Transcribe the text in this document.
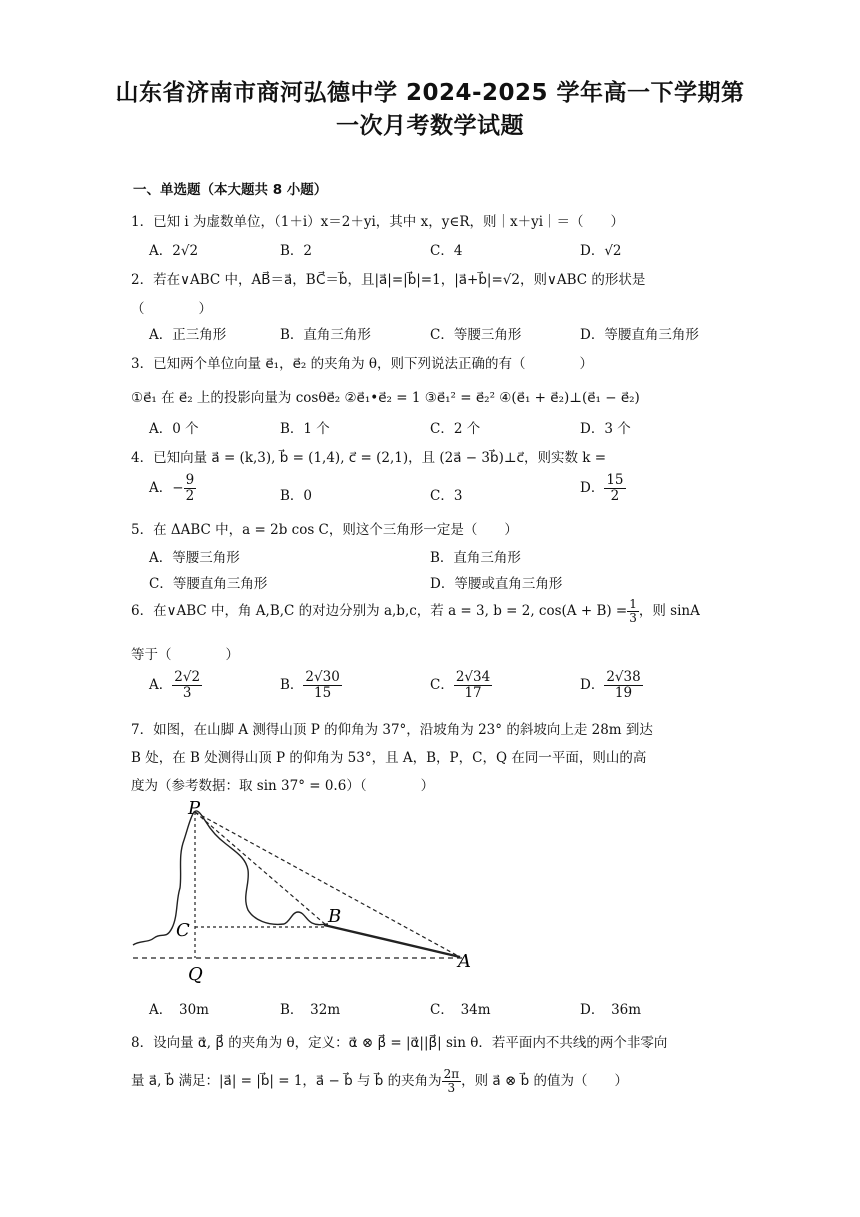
山东省济南市商河弘德中学 2024-2025 学年高一下学期第
一次月考数学试题
一、单选题（本大题共 8 小题）
1．已知 i 为虚数单位，（1＋i）x＝2＋yi，其中 x，y∈R，则｜x＋yi｜＝（　　）
A．2√2	B．2	C．4	D．√2
2．若在∨ABC 中，AB⃗＝a⃗，BC⃗＝b⃗，且|a⃗|=|b⃗|=1，|a⃗+b⃗|=√2，则∨ABC 的形状是
（　　　　）
A．正三角形	B．直角三角形	C．等腰三角形	D．等腰直角三角形
3．已知两个单位向量 e⃗₁，e⃗₂ 的夹角为 θ，则下列说法正确的有（　　　　）
①e⃗₁ 在 e⃗₂ 上的投影向量为 cosθe⃗₂ ②e⃗₁•e⃗₂ = 1 ③e⃗₁² = e⃗₂² ④(e⃗₁ + e⃗₂)⊥(e⃗₁ − e⃗₂)
A．0 个	B．1 个	C．2 个	D．3 个
4．已知向量 a⃗ = (k,3), b⃗ = (1,4), c⃗ = (2,1)，且 (2a⃗ − 3b⃗)⊥c⃗，则实数 k =
A．− $\frac{9}{2}$	B．0	C．3
D． $\frac{15}{2}$
5．在 ΔABC 中，a = 2b cos C，则这个三角形一定是（　　）
A．等腰三角形	B．直角三角形
C．等腰直角三角形	D．等腰或直角三角形
6．在∨ABC 中，角 A,B,C 的对边分别为 a,b,c，若 a = 3, b = 2, $\cos(A + B) = \frac{1}{3}$ ，则 sinA
等于（　　　　）
A． $\frac{2√2}{3}$	B． $\frac{2√30}{15}$	C． $\frac{2√34}{17}$	D． $\frac{2√38}{19}$
7．如图，在山脚 A 测得山顶 P 的仰角为 37°，沿坡角为 23° 的斜坡向上走 28m 到达
B 处，在 B 处测得山顶 P 的仰角为 53°，且 A，B，P，C，Q 在同一平面，则山的高
度为（参考数据：取 sin 37° = 0.6）（　　　　）
P
C
B
Q
A
A．　30m	B．　32m	C．　34m	D．　36m
8．设向量 α⃗, β⃗ 的夹角为 θ，定义：α⃗ ⊗ β⃗ = |α⃗||β⃗| sin θ．若平面内不共线的两个非零向
量 a⃗, b⃗ 满足：|a⃗| = |b⃗| = 1，a⃗ − b⃗ 与 b⃗ 的夹角为 $\frac{2\pi}{3}$ ，则 a⃗ ⊗ b⃗ 的值为（　　）
